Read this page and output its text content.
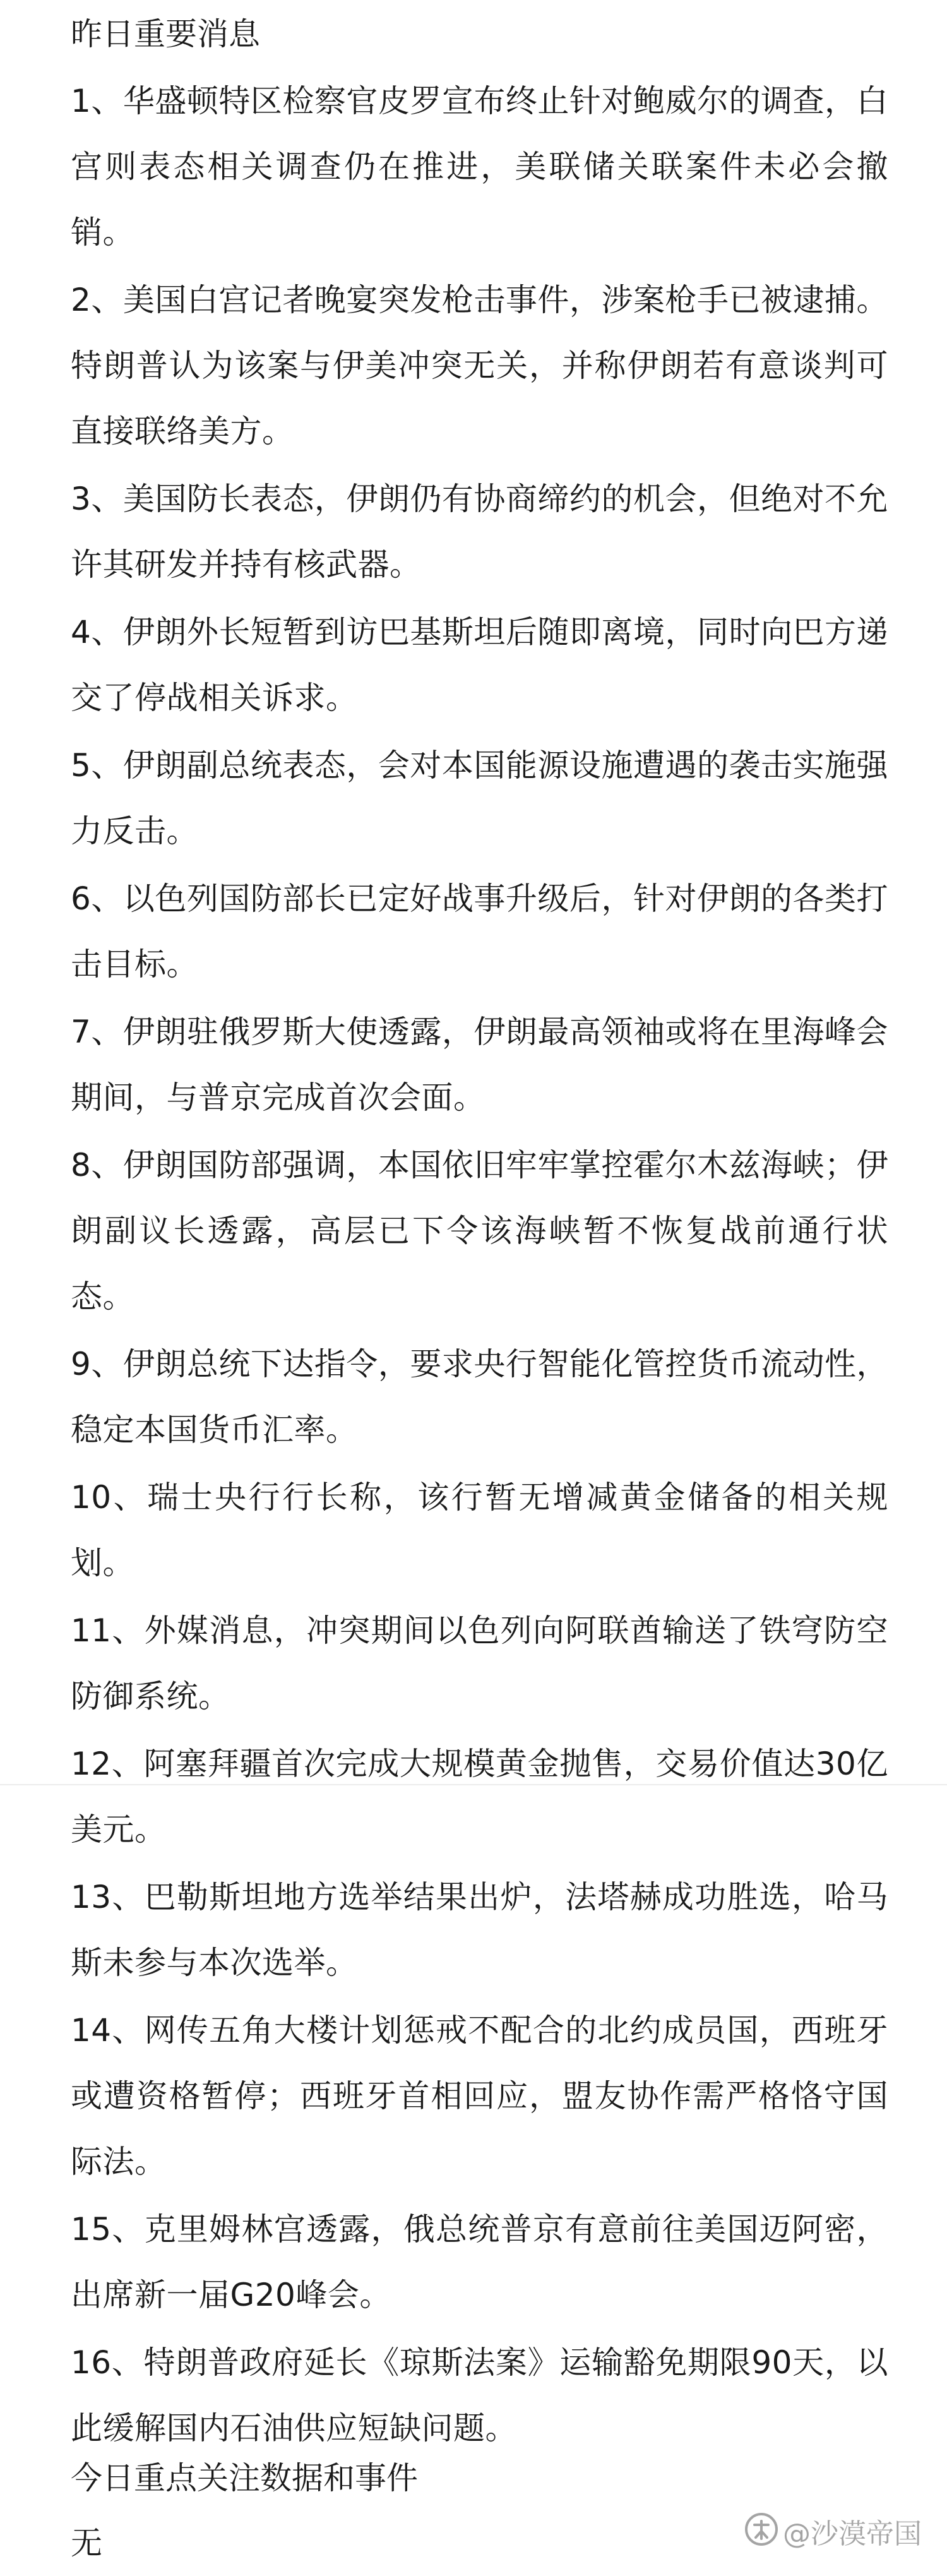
昨日重要消息
1、华盛顿特区检察官皮罗宣布终止针对鲍威尔的调查，白宫则表态相关调查仍在推进，美联储关联案件未必会撤销。
2、美国白宫记者晚宴突发枪击事件，涉案枪手已被逮捕。特朗普认为该案与伊美冲突无关，并称伊朗若有意谈判可直接联络美方。
3、美国防长表态，伊朗仍有协商缔约的机会，但绝对不允许其研发并持有核武器。
4、伊朗外长短暂到访巴基斯坦后随即离境，同时向巴方递交了停战相关诉求。
5、伊朗副总统表态，会对本国能源设施遭遇的袭击实施强力反击。
6、以色列国防部长已定好战事升级后，针对伊朗的各类打击目标。
7、伊朗驻俄罗斯大使透露，伊朗最高领袖或将在里海峰会期间，与普京完成首次会面。
8、伊朗国防部强调，本国依旧牢牢掌控霍尔木兹海峡；伊朗副议长透露，高层已下令该海峡暂不恢复战前通行状态。
9、伊朗总统下达指令，要求央行智能化管控货币流动性，稳定本国货币汇率。
10、瑞士央行行长称，该行暂无增减黄金储备的相关规划。
11、外媒消息，冲突期间以色列向阿联酋输送了铁穹防空防御系统。
12、阿塞拜疆首次完成大规模黄金抛售，交易价值达30亿美元。
13、巴勒斯坦地方选举结果出炉，法塔赫成功胜选，哈马斯未参与本次选举。
14、网传五角大楼计划惩戒不配合的北约成员国，西班牙或遭资格暂停；西班牙首相回应，盟友协作需严格恪守国际法。
15、克里姆林宫透露，俄总统普京有意前往美国迈阿密，出席新一届G20峰会。
16、特朗普政府延长《琼斯法案》运输豁免期限90天，以此缓解国内石油供应短缺问题。
今日重点关注数据和事件
无	@沙漠帝国
